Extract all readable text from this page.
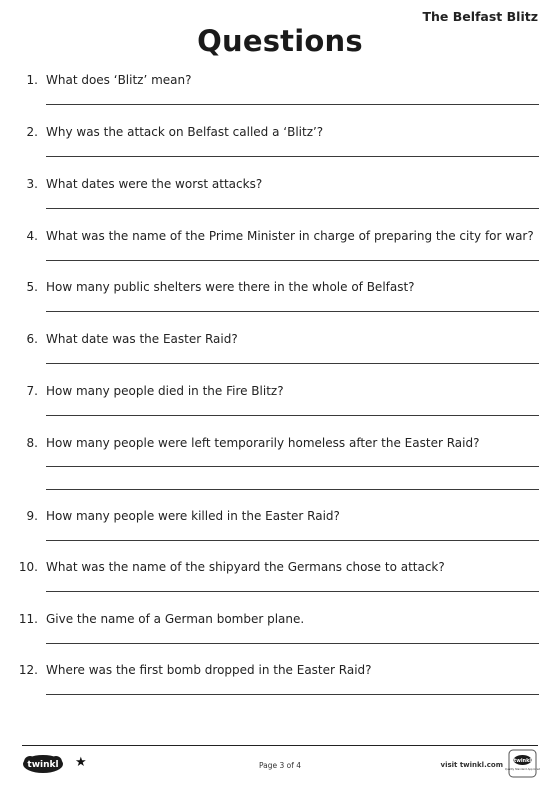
The Belfast Blitz
Questions
1. What does ‘Blitz’ mean?
2. Why was the attack on Belfast called a ‘Blitz’?
3. What dates were the worst attacks?
4. What was the name of the Prime Minister in charge of preparing the city for war?
5. How many public shelters were there in the whole of Belfast?
6. What date was the Easter Raid?
7. How many people died in the Fire Blitz?
8. How many people were left temporarily homeless after the Easter Raid?
9. How many people were killed in the Easter Raid?
10. What was the name of the shipyard the Germans chose to attack?
11. Give the name of a German bomber plane.
12. Where was the first bomb dropped in the Easter Raid?
twinkl ★	Page 3 of 4	visit twinkl.com twinkl
Quality Standard Approved
